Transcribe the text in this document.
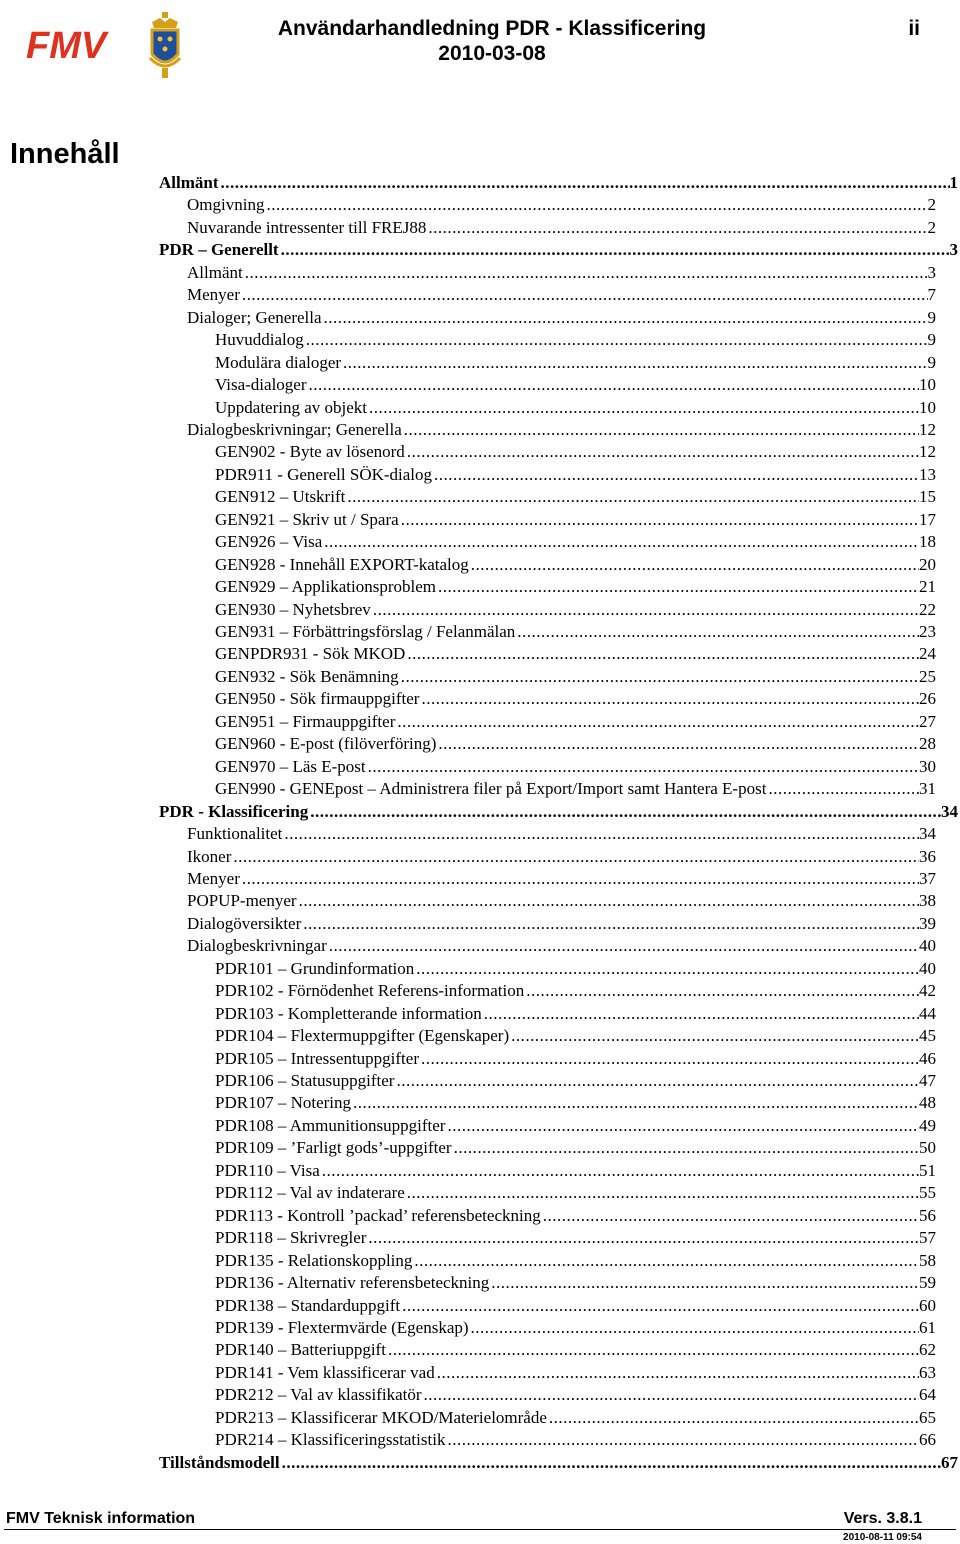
FMV	Användarhandledning PDR - Klassificering
2010-03-08
ii
Innehåll
Allmänt .....	1
Omgivning .....	2
Nuvarande intressenter till FREJ88 .....	2
PDR – Generellt .....	3
Allmänt .....	3
Menyer .....	7
Dialoger; Generella .....	9
Huvuddialog .....	9
Modulära dialoger .....	9
Visa-dialoger .....	10
Uppdatering av objekt .....	10
Dialogbeskrivningar; Generella .....	12
GEN902 - Byte av lösenord .....	12
PDR911 - Generell SÖK-dialog .....	13
GEN912 – Utskrift .....	15
GEN921 – Skriv ut / Spara .....	17
GEN926 – Visa .....	18
GEN928 - Innehåll EXPORT-katalog .....	20
GEN929 – Applikationsproblem .....	21
GEN930 – Nyhetsbrev .....	22
GEN931 – Förbättringsförslag / Felanmälan .....	23
GENPDR931 - Sök MKOD .....	24
GEN932 - Sök Benämning .....	25
GEN950 - Sök firmauppgifter .....	26
GEN951 – Firmauppgifter .....	27
GEN960 - E-post (filöverföring) .....	28
GEN970 – Läs E-post .....	30
GEN990 - GENEpost – Administrera filer på Export/Import samt Hantera E-post .....	31
PDR - Klassificering .....	34
Funktionalitet .....	34
Ikoner .....	36
Menyer .....	37
POPUP-menyer .....	38
Dialogöversikter .....	39
Dialogbeskrivningar .....	40
PDR101 – Grundinformation .....	40
PDR102 - Förnödenhet Referens-information .....	42
PDR103 - Kompletterande information .....	44
PDR104 – Flextermuppgifter (Egenskaper) .....	45
PDR105 – Intressentuppgifter .....	46
PDR106 – Statusuppgifter .....	47
PDR107 – Notering .....	48
PDR108 – Ammunitionsuppgifter .....	49
PDR109 – ’Farligt gods’-uppgifter .....	50
PDR110 – Visa .....	51
PDR112 – Val av indaterare .....	55
PDR113 - Kontroll ’packad’ referensbeteckning .....	56
PDR118 – Skrivregler .....	57
PDR135 - Relationskoppling .....	58
PDR136 - Alternativ referensbeteckning .....	59
PDR138 – Standarduppgift .....	60
PDR139 - Flextermvärde (Egenskap) .....	61
PDR140 – Batteriuppgift .....	62
PDR141 - Vem klassificerar vad .....	63
PDR212 – Val av klassifikatör .....	64
PDR213 – Klassificerar MKOD/Materielområde .....	65
PDR214 – Klassificeringsstatistik .....	66
Tillståndsmodell .....	67
FMV Teknisk information	Vers. 3.8.1
2010-08-11 09:54
